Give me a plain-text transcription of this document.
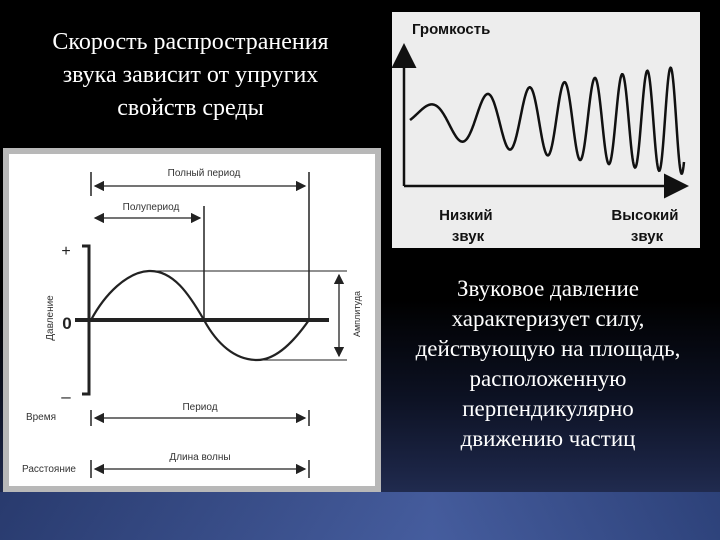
Скорость распространения
звука зависит от упругих
свойств среды
Полный период
Полупериод
Давление
+
0
–
Амплитуда
Время
Период
Расстояние
Длина волны
Громкость
Низкий звук
Высокий звук
Звуковое давление
характеризует силу,
действующую на площадь,
расположенную
перпендикулярно
движению частиц
